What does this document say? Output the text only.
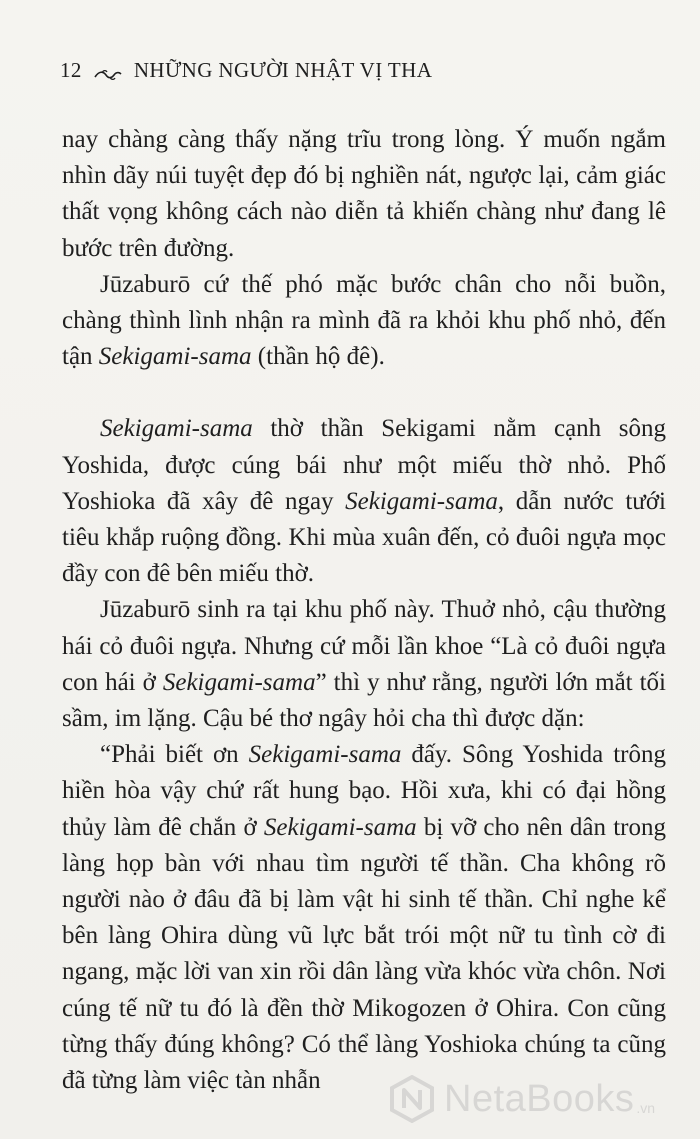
12 NHỮNG NGƯỜI NHẬT VỊ THA

nay chàng càng thấy nặng trĩu trong lòng. Ý muốn ngắm nhìn dãy núi tuyệt đẹp đó bị nghiền nát, ngược lại, cảm giác thất vọng không cách nào diễn tả khiến chàng như đang lê bước trên đường.

Jūzaburō cứ thế phó mặc bước chân cho nỗi buồn, chàng thình lình nhận ra mình đã ra khỏi khu phố nhỏ, đến tận Sekigami-sama (thần hộ đê).

Sekigami-sama thờ thần Sekigami nằm cạnh sông Yoshida, được cúng bái như một miếu thờ nhỏ. Phố Yoshioka đã xây đê ngay Sekigami-sama, dẫn nước tưới tiêu khắp ruộng đồng. Khi mùa xuân đến, cỏ đuôi ngựa mọc đầy con đê bên miếu thờ.

Jūzaburō sinh ra tại khu phố này. Thuở nhỏ, cậu thường hái cỏ đuôi ngựa. Nhưng cứ mỗi lần khoe “Là cỏ đuôi ngựa con hái ở Sekigami-sama” thì y như rằng, người lớn mắt tối sầm, im lặng. Cậu bé thơ ngây hỏi cha thì được dặn:

“Phải biết ơn Sekigami-sama đấy. Sông Yoshida trông hiền hòa vậy chứ rất hung bạo. Hồi xưa, khi có đại hồng thủy làm đê chắn ở Sekigami-sama bị vỡ cho nên dân trong làng họp bàn với nhau tìm người tế thần. Cha không rõ người nào ở đâu đã bị làm vật hi sinh tế thần. Chỉ nghe kể bên làng Ohira dùng vũ lực bắt trói một nữ tu tình cờ đi ngang, mặc lời van xin rồi dân làng vừa khóc vừa chôn. Nơi cúng tế nữ tu đó là đền thờ Mikogozen ở Ohira. Con cũng từng thấy đúng không? Có thể làng Yoshioka chúng ta cũng đã từng làm việc tàn nhẫn	NetaBooks .vn
